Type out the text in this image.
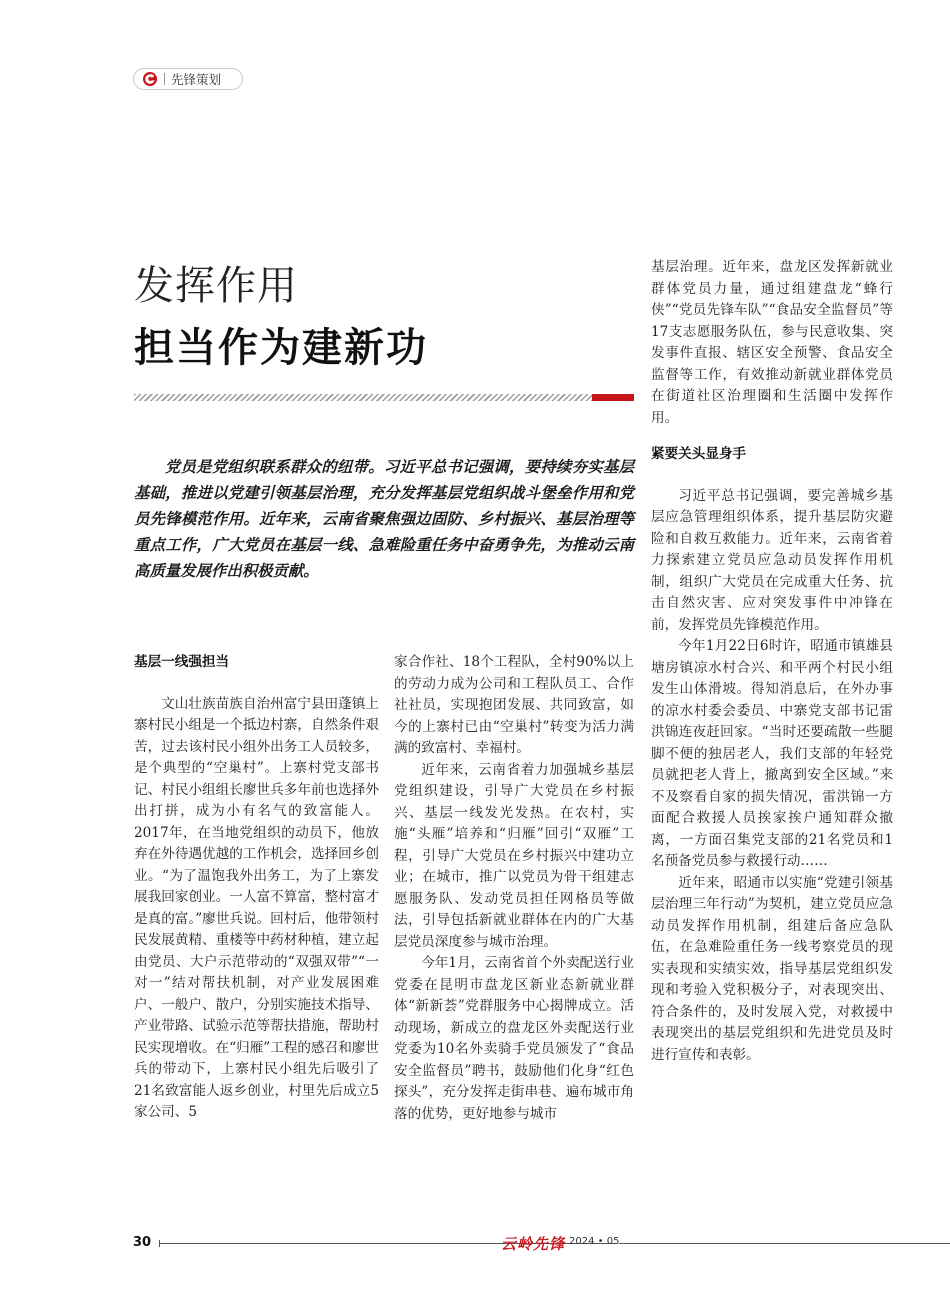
先锋策划
发挥作用
担当作为建新功

党员是党组织联系群众的纽带。习近平总书记强调，要持续夯实基层基础，推进以党建引领基层治理，充分发挥基层党组织战斗堡垒作用和党员先锋模范作用。近年来，云南省聚焦强边固防、乡村振兴、基层治理等重点工作，广大党员在基层一线、急难险重任务中奋勇争先，为推动云南高质量发展作出积极贡献。

基层一线强担当

文山壮族苗族自治州富宁县田蓬镇上寨村民小组是一个抵边村寨，自然条件艰苦，过去该村民小组外出务工人员较多，是个典型的“空巢村”。上寨村党支部书记、村民小组组长廖世兵多年前也选择外出打拼，成为小有名气的致富能人。2017年，在当地党组织的动员下，他放弃在外待遇优越的工作机会，选择回乡创业。“为了温饱我外出务工，为了上寨发展我回家创业。一人富不算富，整村富才是真的富。”廖世兵说。回村后，他带领村民发展黄精、重楼等中药材种植，建立起由党员、大户示范带动的“双强双带”“一对一”结对帮扶机制，对产业发展困难户、一般户、散户，分别实施技术指导、产业带路、试验示范等帮扶措施，帮助村民实现增收。在“归雁”工程的感召和廖世兵的带动下，上寨村民小组先后吸引了21名致富能人返乡创业，村里先后成立5家公司、5

家合作社、18个工程队，全村90%以上的劳动力成为公司和工程队员工、合作社社员，实现抱团发展、共同致富，如今的上寨村已由“空巢村”转变为活力满满的致富村、幸福村。

近年来，云南省着力加强城乡基层党组织建设，引导广大党员在乡村振兴、基层一线发光发热。在农村，实施“头雁”培养和“归雁”回引“双雁”工程，引导广大党员在乡村振兴中建功立业；在城市，推广以党员为骨干组建志愿服务队、发动党员担任网格员等做法，引导包括新就业群体在内的广大基层党员深度参与城市治理。

今年1月，云南省首个外卖配送行业党委在昆明市盘龙区新业态新就业群体“新新荟”党群服务中心揭牌成立。活动现场，新成立的盘龙区外卖配送行业党委为10名外卖骑手党员颁发了“食品安全监督员”聘书，鼓励他们化身“红色探头”，充分发挥走街串巷、遍布城市角落的优势，更好地参与城市

基层治理。近年来，盘龙区发挥新就业群体党员力量，通过组建盘龙“蜂行侠”“党员先锋车队”“食品安全监督员”等17支志愿服务队伍，参与民意收集、突发事件直报、辖区安全预警、食品安全监督等工作，有效推动新就业群体党员在街道社区治理圈和生活圈中发挥作用。

紧要关头显身手

习近平总书记强调，要完善城乡基层应急管理组织体系，提升基层防灾避险和自救互救能力。近年来，云南省着力探索建立党员应急动员发挥作用机制，组织广大党员在完成重大任务、抗击自然灾害、应对突发事件中冲锋在前，发挥党员先锋模范作用。

今年1月22日6时许，昭通市镇雄县塘房镇凉水村合兴、和平两个村民小组发生山体滑坡。得知消息后，在外办事的凉水村委会委员、中寨党支部书记雷洪锦连夜赶回家。“当时还要疏散一些腿脚不便的独居老人，我们支部的年轻党员就把老人背上，撤离到安全区域。”来不及察看自家的损失情况，雷洪锦一方面配合救援人员挨家挨户通知群众撤离，一方面召集党支部的21名党员和1名预备党员参与救援行动……

近年来，昭通市以实施“党建引领基层治理三年行动”为契机，建立党员应急动员发挥作用机制，组建后备应急队伍，在急难险重任务一线考察党员的现实表现和实绩实效，指导基层党组织发现和考验入党积极分子，对表现突出、符合条件的，及时发展入党，对救援中表现突出的基层党组织和先进党员及时进行宣传和表彰。

30	云岭先锋 2024 • 05
